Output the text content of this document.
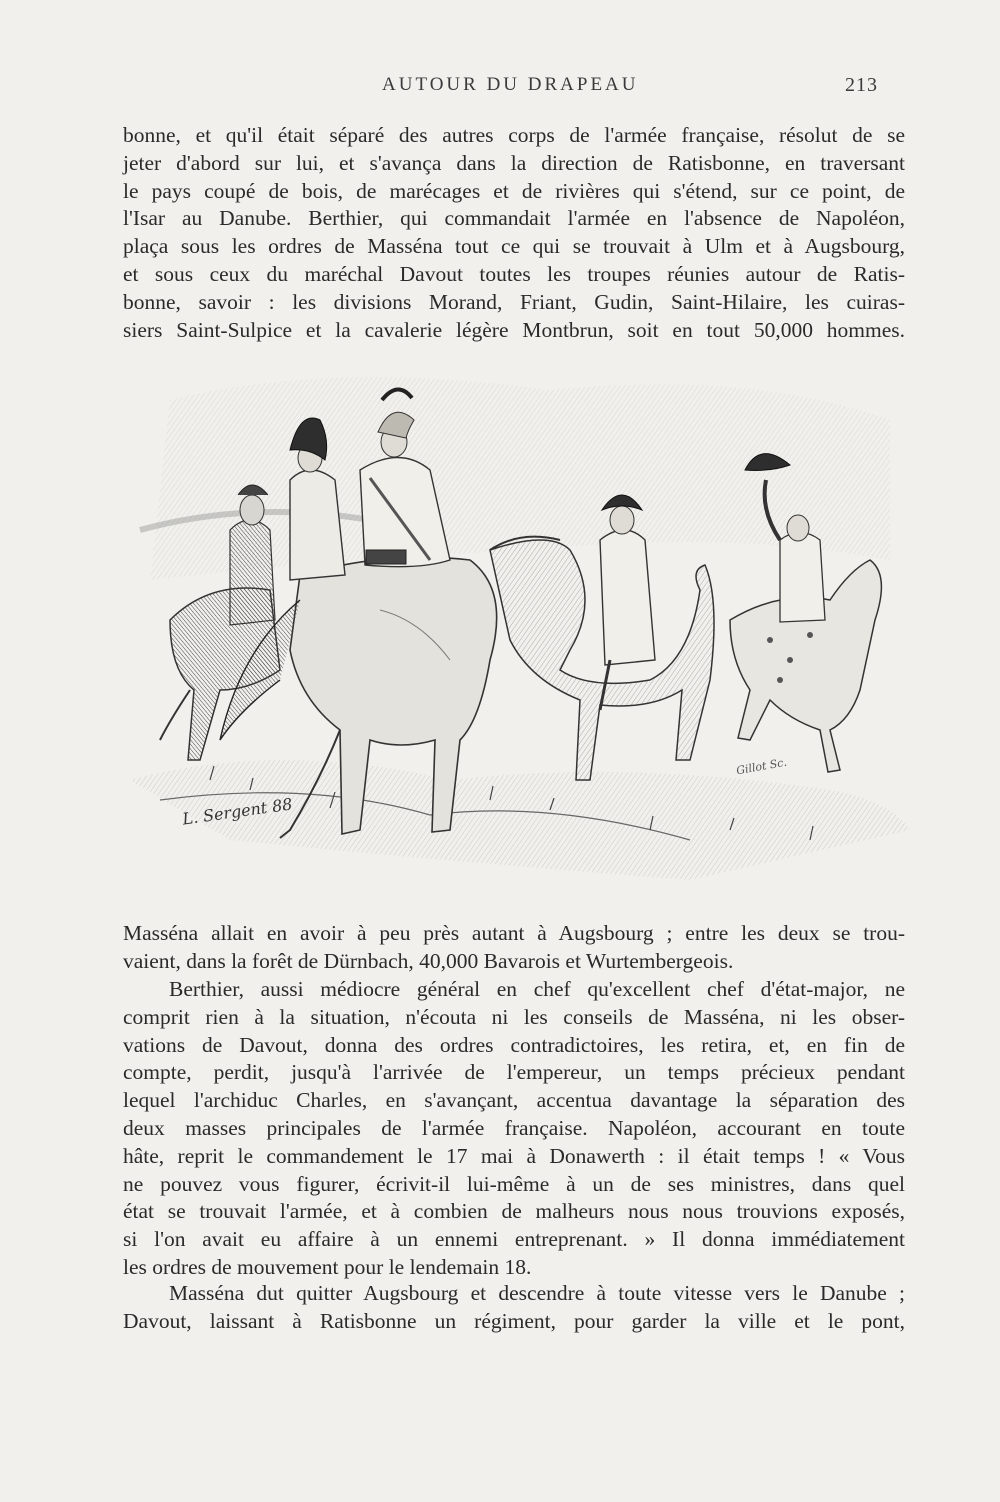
AUTOUR DU DRAPEAU	213
bonne, et qu'il était séparé des autres corps de l'armée française, résolut de se
jeter d'abord sur lui, et s'avança dans la direction de Ratisbonne, en traversant
le pays coupé de bois, de marécages et de rivières qui s'étend, sur ce point, de
l'Isar au Danube. Berthier, qui commandait l'armée en l'absence de Napoléon,
plaça sous les ordres de Masséna tout ce qui se trouvait à Ulm et à Augsbourg,
et sous ceux du maréchal Davout toutes les troupes réunies autour de Ratis-
bonne, savoir : les divisions Morand, Friant, Gudin, Saint-Hilaire, les cuiras-
siers Saint-Sulpice et la cavalerie légère Montbrun, soit en tout 50,000 hommes.
L. Sergent 88
Gillot Sc.
Masséna allait en avoir à peu près autant à Augsbourg ; entre les deux se trou-
vaient, dans la forêt de Dürnbach, 40,000 Bavarois et Wurtembergeois.
Berthier, aussi médiocre général en chef qu'excellent chef d'état-major, ne
comprit rien à la situation, n'écouta ni les conseils de Masséna, ni les obser-
vations de Davout, donna des ordres contradictoires, les retira, et, en fin de
compte, perdit, jusqu'à l'arrivée de l'empereur, un temps précieux pendant
lequel l'archiduc Charles, en s'avançant, accentua davantage la séparation des
deux masses principales de l'armée française. Napoléon, accourant en toute
hâte, reprit le commandement le 17 mai à Donawerth : il était temps ! « Vous
ne pouvez vous figurer, écrivit-il lui-même à un de ses ministres, dans quel
état se trouvait l'armée, et à combien de malheurs nous nous trouvions exposés,
si l'on avait eu affaire à un ennemi entreprenant. » Il donna immédiatement
les ordres de mouvement pour le lendemain 18.
Masséna dut quitter Augsbourg et descendre à toute vitesse vers le Danube ;
Davout, laissant à Ratisbonne un régiment, pour garder la ville et le pont,
